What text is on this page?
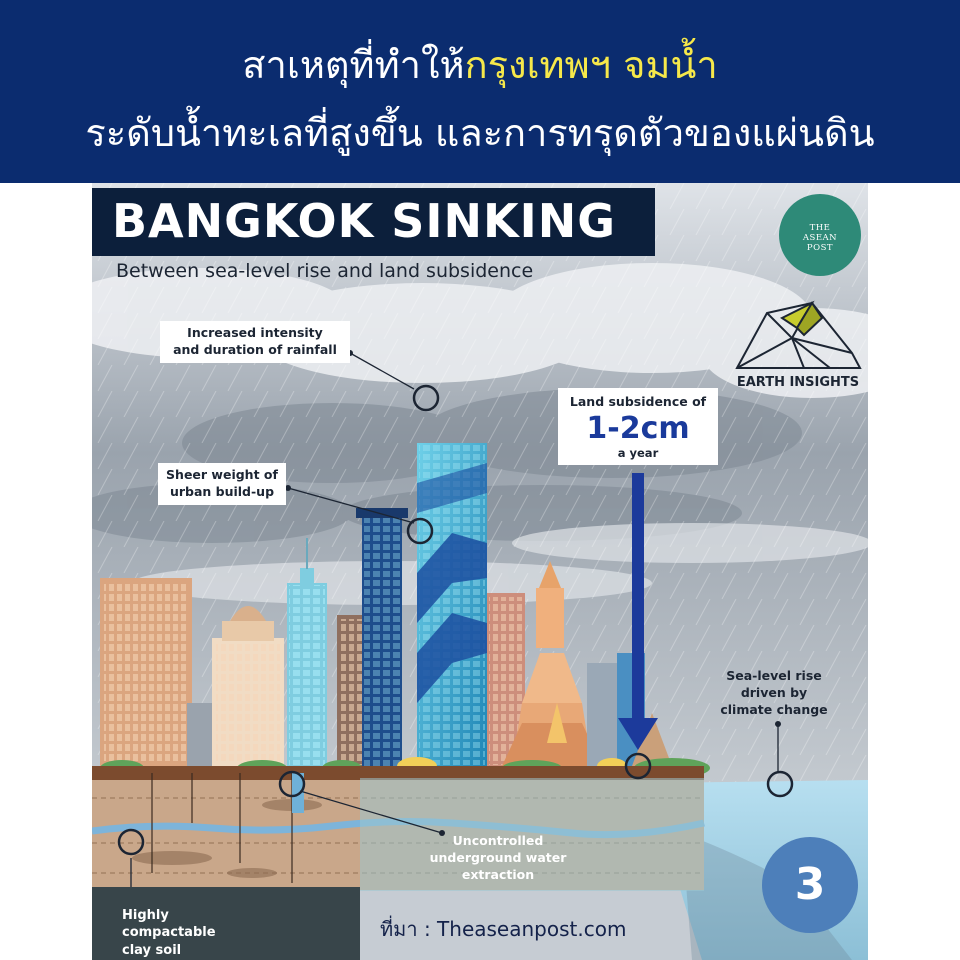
สาเหตุที่ทำให้กรุงเทพฯ จมน้ำ
ระดับน้ำทะเลที่สูงขึ้น และการทรุดตัวของแผ่นดิน
BANGKOK SINKING
Between sea-level rise and land subsidence
THE
ASEAN
POST
EARTH INSIGHTS
Increased intensity
and duration of rainfall
Sheer weight of
urban build-up
Land subsidence of
1-2cm
a year
Sea-level rise
driven by
climate change
Uncontrolled
underground water
extraction
Highly
compactable
clay soil
ที่มา : Theaseanpost.com
3
